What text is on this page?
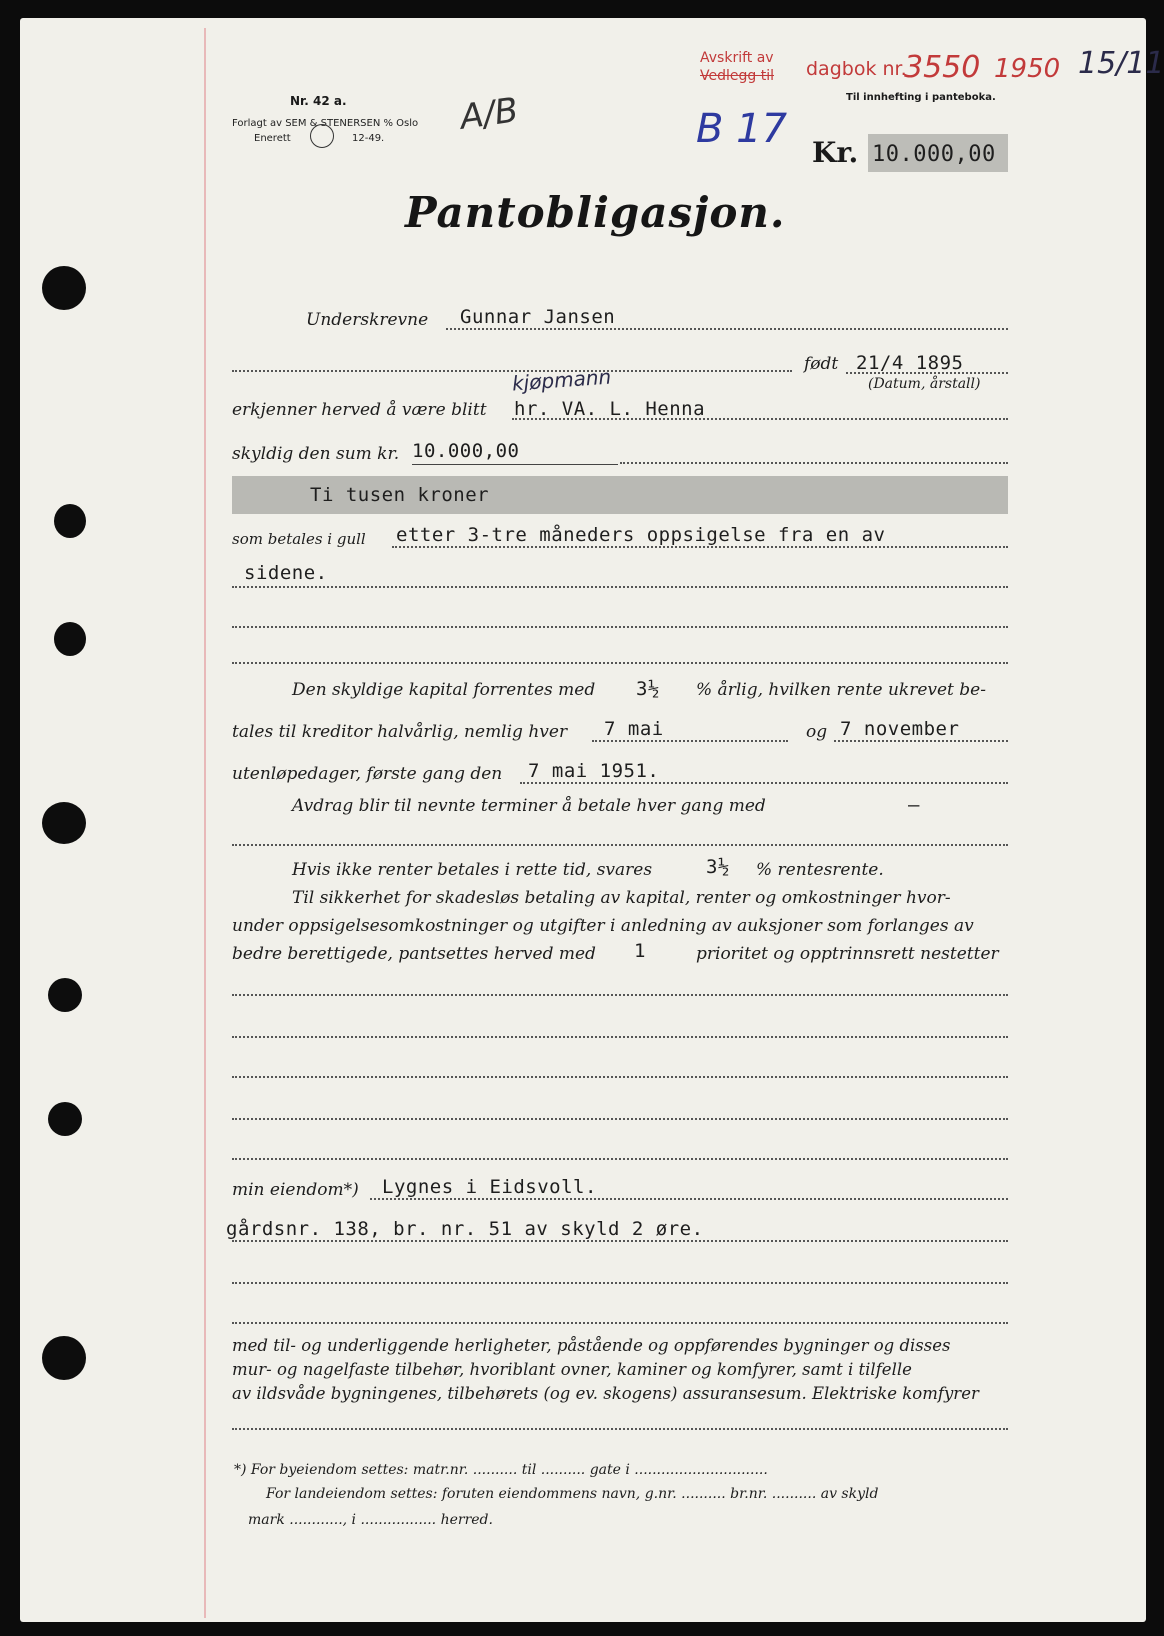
Nr. 42 a.
Forlagt av SEM & STENERSEN % Oslo
Enerett	12-49.
Avskrift av
Vedlegg til dagbok nr.
3550 1950 15/11
Til innhefting i panteboka.
B 17
A/B
Kr. 10.000,00
Pantobligasjon.
Underskrevne Gunnar Jansen
født 21/4 1895
(Datum, årstall)
erkjenner herved å være blitt
kjøpmann
hr. VA. L. Henna
skyldig den sum kr. 10.000,00
Ti tusen kroner
som betales i gull etter 3-tre måneders oppsigelse fra en av
sidene.
Den skyldige kapital forrentes med 3½ % årlig, hvilken rente ukrevet be-
tales til kreditor halvårlig, nemlig hver 7 mai	og 7 november
utenløpedager, første gang den 7 mai 1951.
Avdrag blir til nevnte terminer å betale hver gang med	—
Hvis ikke renter betales i rette tid, svares	3½ % rentesrente.
Til sikkerhet for skadesløs betaling av kapital, renter og omkostninger hvor-
under oppsigelsesomkostninger og utgifter i anledning av auksjoner som forlanges av
bedre berettigede, pantsettes herved med 1	prioritet og opptrinnsrett nestetter
min eiendom*) Lygnes i Eidsvoll.
gårdsnr. 138, br. nr. 51 av skyld 2 øre.
med til- og underliggende herligheter, påstående og oppførendes bygninger og disses
mur- og nagelfaste tilbehør, hvoriblant ovner, kaminer og komfyrer, samt i tilfelle
av ildsvåde bygningenes, tilbehørets (og ev. skogens) assuransesum. Elektriske komfyrer
*) For byeiendom settes: matr.nr. .......... til .......... gate i ..............................
For landeiendom settes: foruten eiendommens navn, g.nr. .......... br.nr. .......... av skyld
mark ............, i ................. herred.
